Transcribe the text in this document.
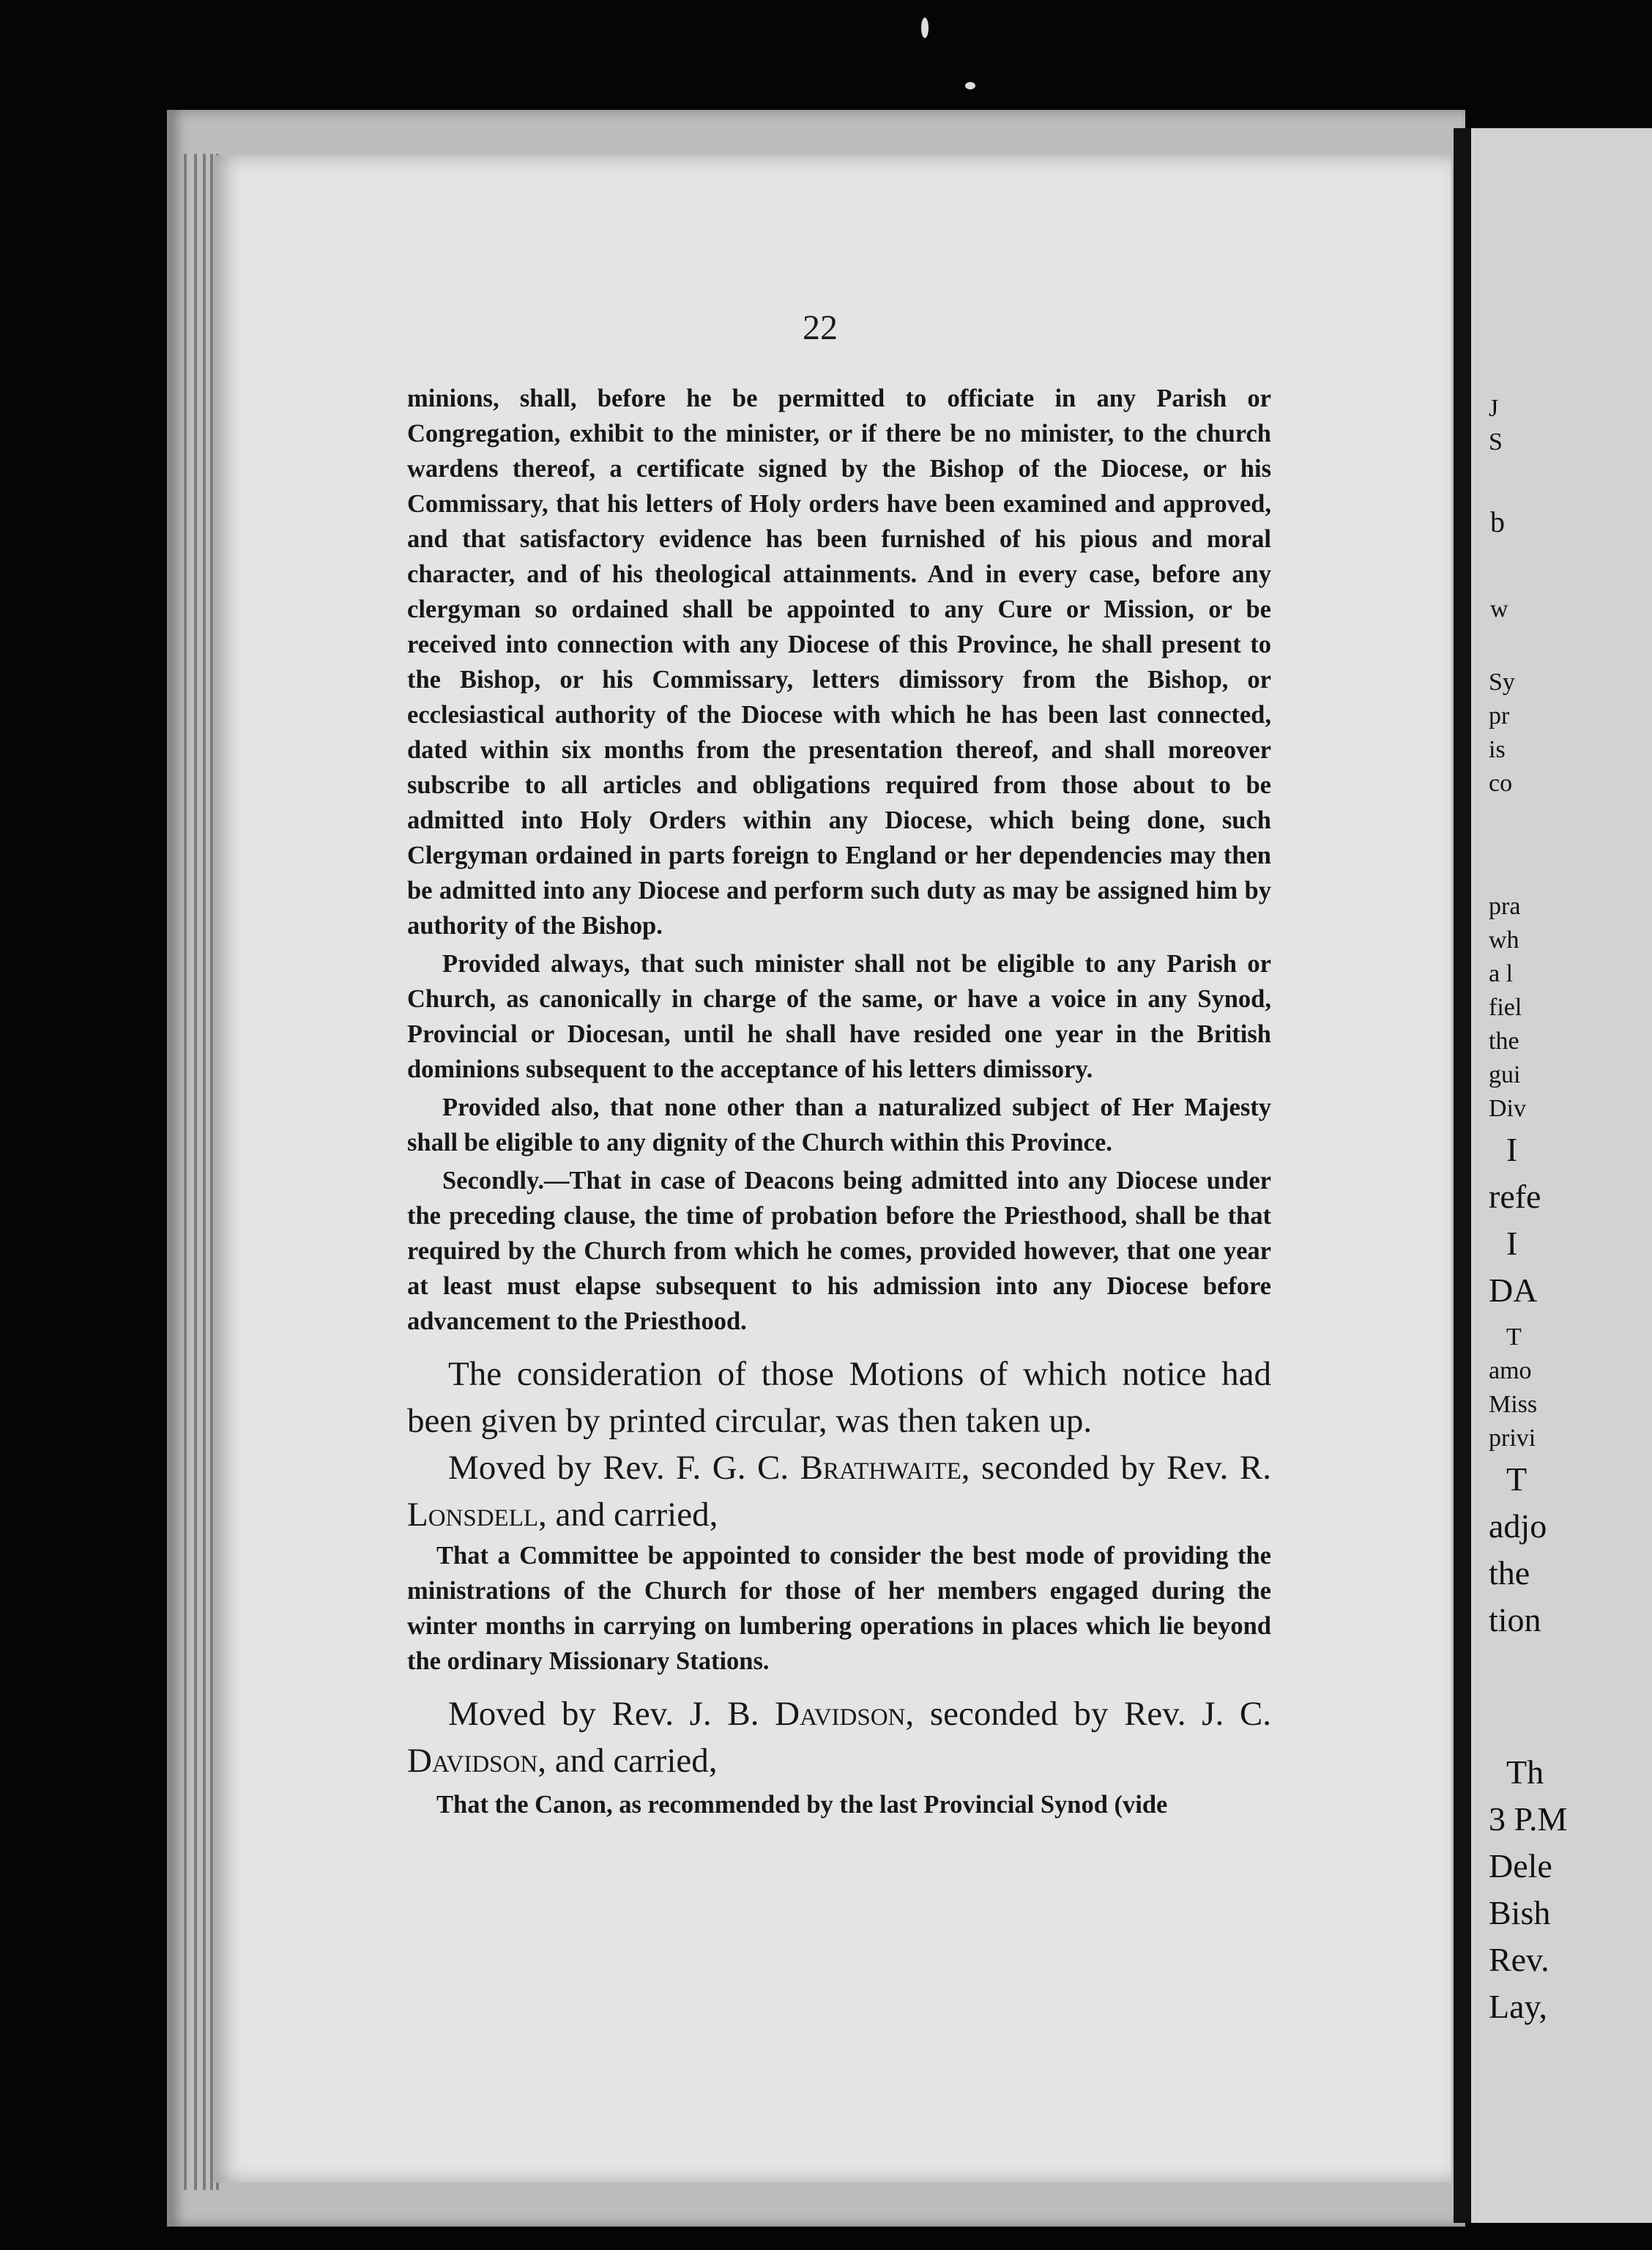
J
S
b
w
Sy
pr
is
co
pra
wh
a l
fiel
the
gui
Div
I
refe
I
DA
T
amo
Miss
privi
T
adjo
the
tion
Th
3 P.M
Dele
Bish
Rev.
Lay,
22

minions, shall, before he be permitted to officiate in any Parish or Congregation, exhibit to the minister, or if there be no minister, to the church wardens thereof, a certificate signed by the Bishop of the Diocese, or his Commissary, that his letters of Holy orders have been examined and approved, and that satisfactory evidence has been furnished of his pious and moral character, and of his theological attainments. And in every case, before any clergyman so ordained shall be appointed to any Cure or Mission, or be received into connection with any Diocese of this Province, he shall present to the Bishop, or his Commissary, letters dimissory from the Bishop, or ecclesiastical authority of the Diocese with which he has been last connected, dated within six months from the presentation thereof, and shall moreover subscribe to all articles and obligations required from those about to be admitted into Holy Orders within any Diocese, which being done, such Clergyman ordained in parts foreign to England or her dependencies may then be admitted into any Diocese and perform such duty as may be assigned him by authority of the Bishop.

Provided always, that such minister shall not be eligible to any Parish or Church, as canonically in charge of the same, or have a voice in any Synod, Provincial or Diocesan, until he shall have resided one year in the British dominions subsequent to the acceptance of his letters dimissory.

Provided also, that none other than a naturalized subject of Her Majesty shall be eligible to any dignity of the Church within this Province.

Secondly.—That in case of Deacons being admitted into any Diocese under the preceding clause, the time of probation before the Priesthood, shall be that required by the Church from which he comes, provided however, that one year at least must elapse subsequent to his admission into any Diocese before advancement to the Priesthood.

The consideration of those Motions of which notice had been given by printed circular, was then taken up.

Moved by Rev. F. G. C. Brathwaite, seconded by Rev. R. Lonsdell, and carried,

That a Committee be appointed to consider the best mode of providing the ministrations of the Church for those of her members engaged during the winter months in carrying on lumbering operations in places which lie beyond the ordinary Missionary Stations.

Moved by Rev. J. B. Davidson, seconded by Rev. J. C. Davidson, and carried,

That the Canon, as recommended by the last Provincial Synod (vide
